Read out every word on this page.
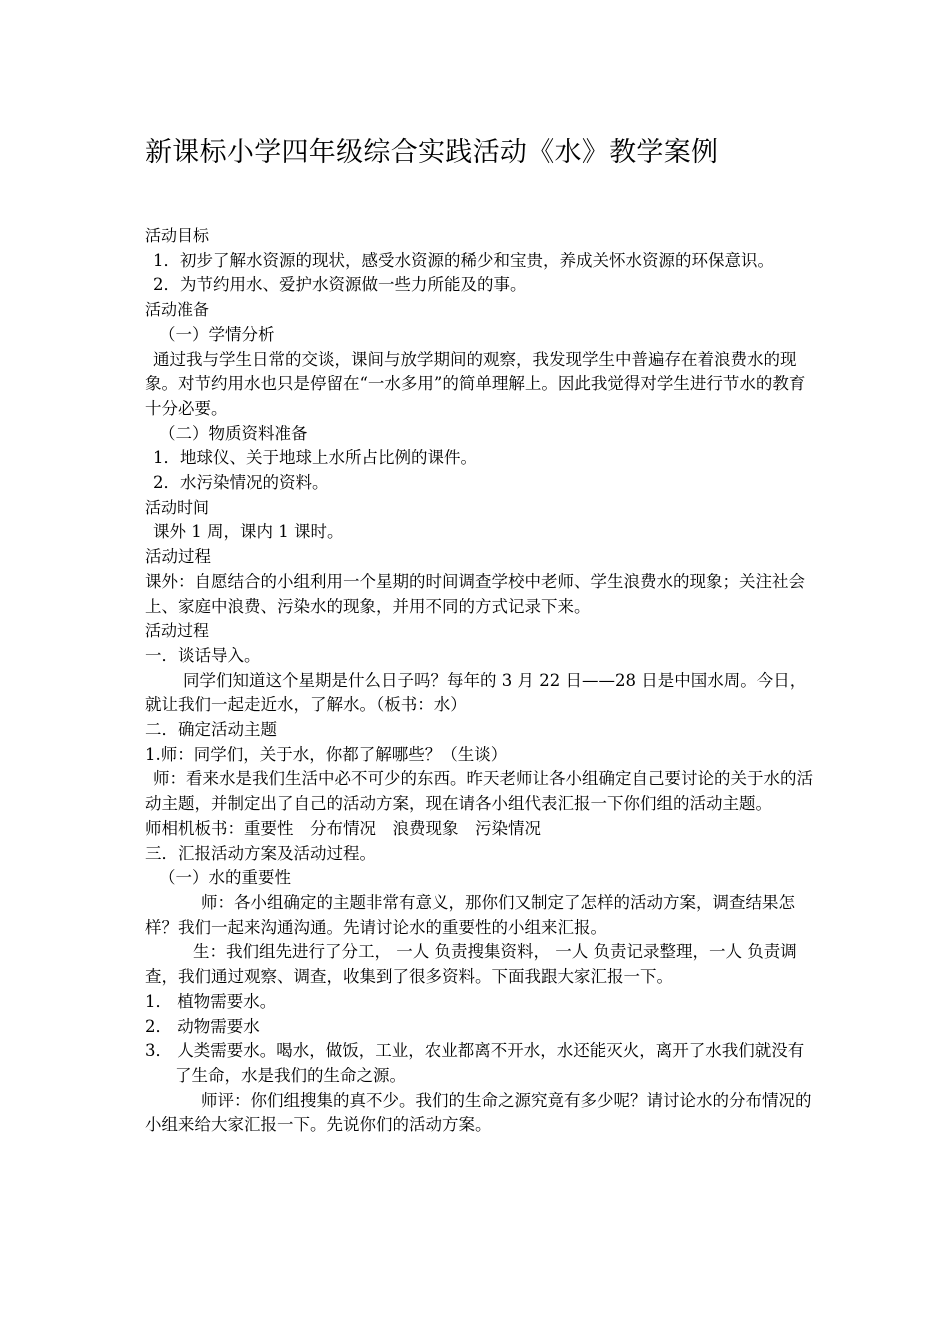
新课标小学四年级综合实践活动《水》教学案例

活动目标

1．初步了解水资源的现状，感受水资源的稀少和宝贵，养成关怀水资源的环保意识。

2．为节约用水、爱护水资源做一些力所能及的事。

活动准备

（一）学情分析

通过我与学生日常的交谈，课间与放学期间的观察，我发现学生中普遍存在着浪费水的现象。对节约用水也只是停留在“一水多用”的简单理解上。因此我觉得对学生进行节水的教育十分必要。

（二）物质资料准备

1．地球仪、关于地球上水所占比例的课件。

2．水污染情况的资料。

活动时间

课外 1 周，课内 1 课时。

活动过程

课外：自愿结合的小组利用一个星期的时间调查学校中老师、学生浪费水的现象；关注社会上、家庭中浪费、污染水的现象，并用不同的方式记录下来。

活动过程

一．谈话导入。

同学们知道这个星期是什么日子吗？每年的 3 月 22 日——28 日是中国水周。今日，就让我们一起走近水，了解水。（板书：水）

二．确定活动主题

1.师：同学们，关于水，你都了解哪些？（生谈）

师：看来水是我们生活中必不可少的东西。昨天老师让各小组确定自己要讨论的关于水的活动主题，并制定出了自己的活动方案，现在请各小组代表汇报一下你们组的活动主题。

师相机板书：重要性　分布情况　浪费现象　污染情况

三．汇报活动方案及活动过程。

（一）水的重要性

师：各小组确定的主题非常有意义，那你们又制定了怎样的活动方案，调查结果怎样？我们一起来沟通沟通。先请讨论水的重要性的小组来汇报。

生：我们组先进行了分工， 一人 负责搜集资料， 一人 负责记录整理，一人 负责调查，我们通过观察、调查，收集到了很多资料。下面我跟大家汇报一下。

1． 植物需要水。

2． 动物需要水

3． 人类需要水。喝水，做饭，工业，农业都离不开水，水还能灭火，离开了水我们就没有了生命，水是我们的生命之源。

师评：你们组搜集的真不少。我们的生命之源究竟有多少呢？请讨论水的分布情况的小组来给大家汇报一下。先说你们的活动方案。
